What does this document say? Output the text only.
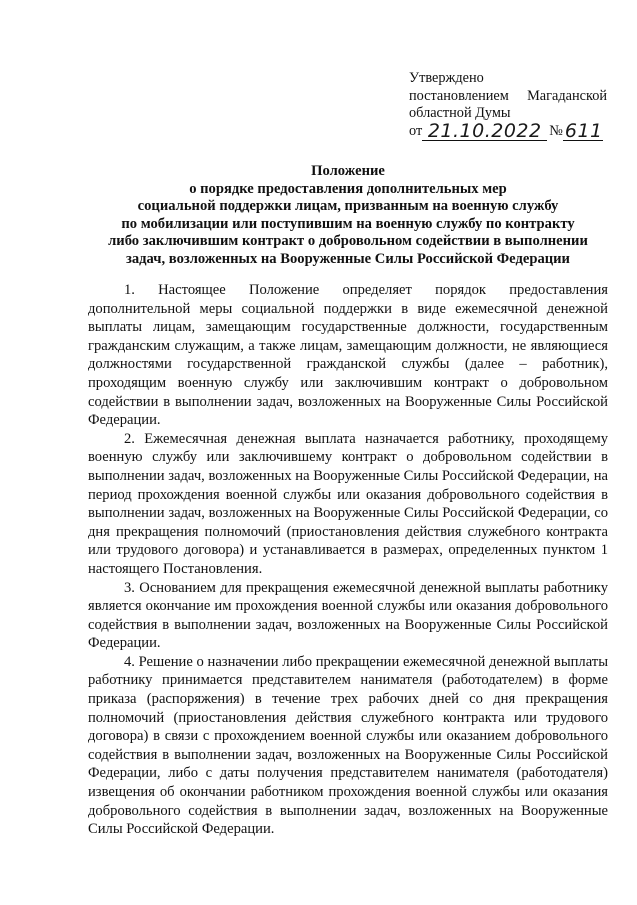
Утверждено
постановлением Магаданской
областной Думы
от 21.10.2022 № 611
Положение
о порядке предоставления дополнительных мер
социальной поддержки лицам, призванным на военную службу
по мобилизации или поступившим на военную службу по контракту
либо заключившим контракт о добровольном содействии в выполнении
задач, возложенных на Вооруженные Силы Российской Федерации

1. Настоящее Положение определяет порядок предоставления дополнительной меры социальной поддержки в виде ежемесячной денежной выплаты лицам, замещающим государственные должности, государственным гражданским служащим, а также лицам, замещающим должности, не являющиеся должностями государственной гражданской службы (далее – работник), проходящим военную службу или заключившим контракт о добровольном содействии в выполнении задач, возложенных на Вооруженные Силы Российской Федерации.

2. Ежемесячная денежная выплата назначается работнику, проходящему военную службу или заключившему контракт о добровольном содействии в выполнении задач, возложенных на Вооруженные Силы Российской Федерации, на период прохождения военной службы или оказания добровольного содействия в выполнении задач, возложенных на Вооруженные Силы Российской Федерации, со дня прекращения полномочий (приостановления действия служебного контракта или трудового договора) и устанавливается в размерах, определенных пунктом 1 настоящего Постановления.

3. Основанием для прекращения ежемесячной денежной выплаты работнику является окончание им прохождения военной службы или оказания добровольного содействия в выполнении задач, возложенных на Вооруженные Силы Российской Федерации.

4. Решение о назначении либо прекращении ежемесячной денежной выплаты работнику принимается представителем нанимателя (работодателем) в форме приказа (распоряжения) в течение трех рабочих дней со дня прекращения полномочий (приостановления действия служебного контракта или трудового договора) в связи с прохождением военной службы или оказанием добровольного содействия в выполнении задач, возложенных на Вооруженные Силы Российской Федерации, либо с даты получения представителем нанимателя (работодателя) извещения об окончании работником прохождения военной службы или оказания добровольного содействия в выполнении задач, возложенных на Вооруженные Силы Российской Федерации.
